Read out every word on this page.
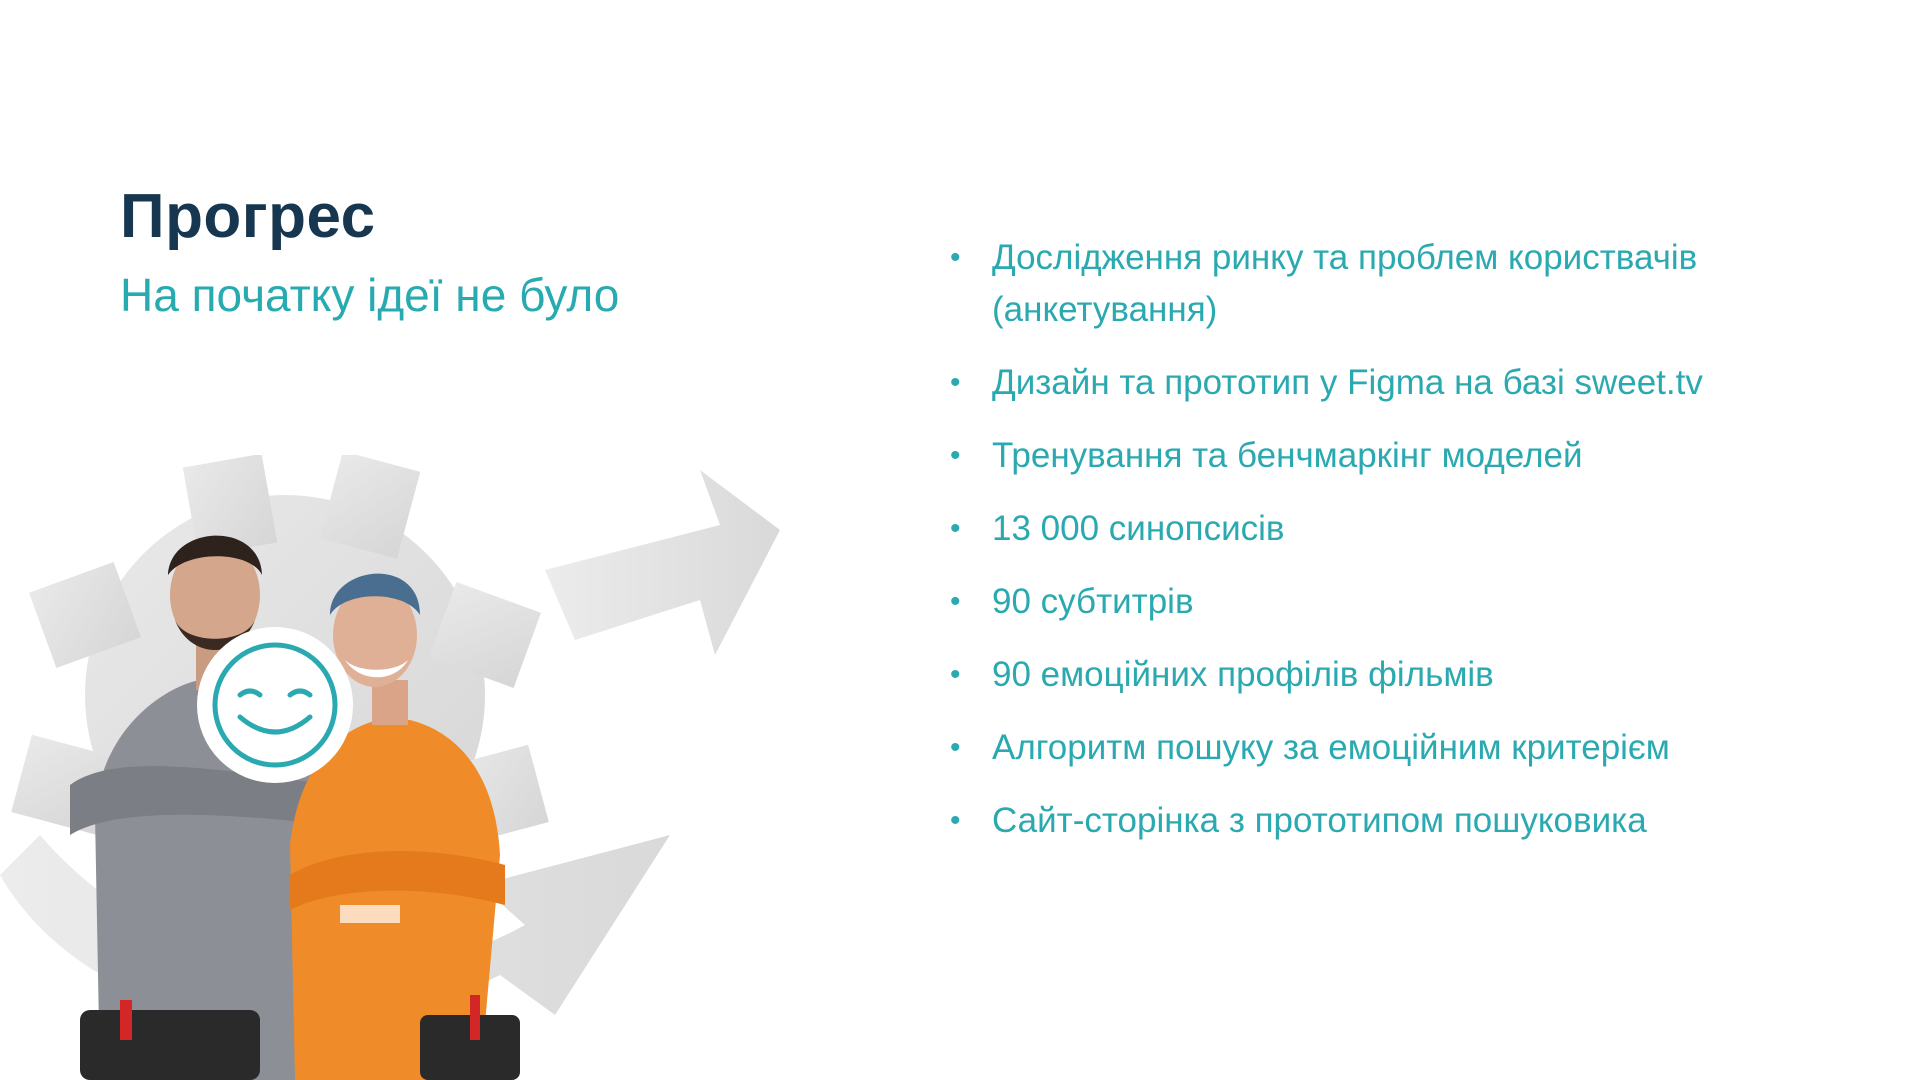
Прогрес
На початку ідеї не було
• Дослідження ринку та проблем користвачів (анкетування)
• Дизайн та прототип у Figma на базі sweet.tv
• Тренування та бенчмаркінг моделей
• 13 000 синопсисів
• 90 субтитрів
• 90 емоційних профілів фільмів
• Алгоритм пошуку за емоційним критерієм
• Сайт-сторінка з прототипом пошуковика
